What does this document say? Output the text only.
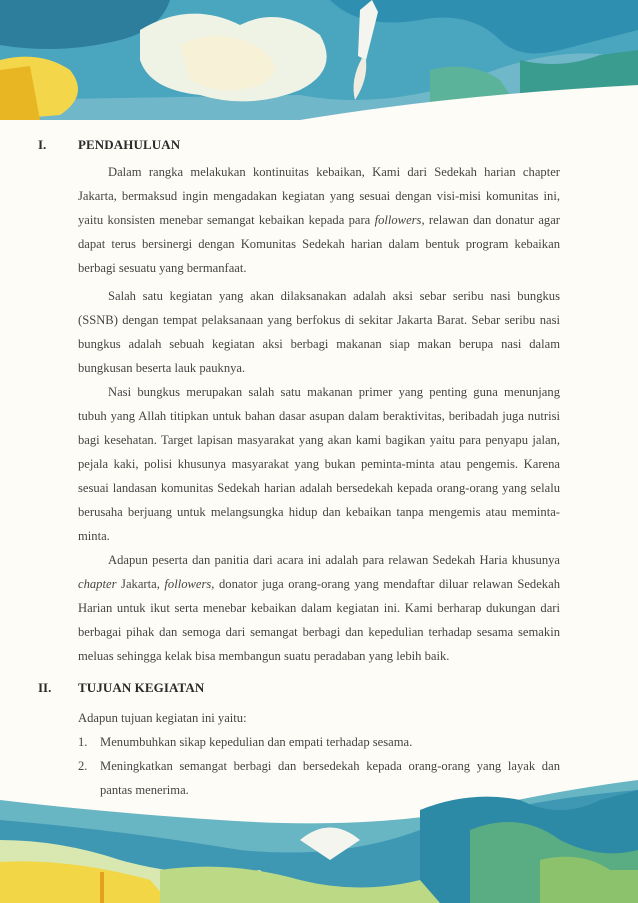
I. PENDAHULUAN

Dalam rangka melakukan kontinuitas kebaikan, Kami dari Sedekah harian chapter Jakarta, bermaksud ingin mengadakan kegiatan yang sesuai dengan visi-misi komunitas ini, yaitu konsisten menebar semangat kebaikan kepada para followers, relawan dan donatur agar dapat terus bersinergi dengan Komunitas Sedekah harian dalam bentuk program kebaikan berbagi sesuatu yang bermanfaat.

Salah satu kegiatan yang akan dilaksanakan adalah aksi sebar seribu nasi bungkus (SSNB) dengan tempat pelaksanaan yang berfokus di sekitar Jakarta Barat. Sebar seribu nasi bungkus adalah sebuah kegiatan aksi berbagi makanan siap makan berupa nasi dalam bungkusan beserta lauk pauknya.

Nasi bungkus merupakan salah satu makanan primer yang penting guna menunjang tubuh yang Allah titipkan untuk bahan dasar asupan dalam beraktivitas, beribadah juga nutrisi bagi kesehatan. Target lapisan masyarakat yang akan kami bagikan yaitu para penyapu jalan, pejala kaki, polisi khusunya masyarakat yang bukan peminta-minta atau pengemis. Karena sesuai landasan komunitas Sedekah harian adalah bersedekah kepada orang-orang yang selalu berusaha berjuang untuk melangsungka hidup dan kebaikan tanpa mengemis atau meminta-minta.

Adapun peserta dan panitia dari acara ini adalah para relawan Sedekah Haria khusunya chapter Jakarta, followers, donator juga orang-orang yang mendaftar diluar relawan Sedekah Harian untuk ikut serta menebar kebaikan dalam kegiatan ini. Kami berharap dukungan dari berbagai pihak dan semoga dari semangat berbagi dan kepedulian terhadap sesama semakin meluas sehingga kelak bisa membangun suatu peradaban yang lebih baik.

II. TUJUAN KEGIATAN
Adapun tujuan kegiatan ini yaitu:
1. Menumbuhkan sikap kepedulian dan empati terhadap sesama.
2. Meningkatkan semangat berbagi dan bersedekah kepada orang-orang yang layak dan pantas menerima.
